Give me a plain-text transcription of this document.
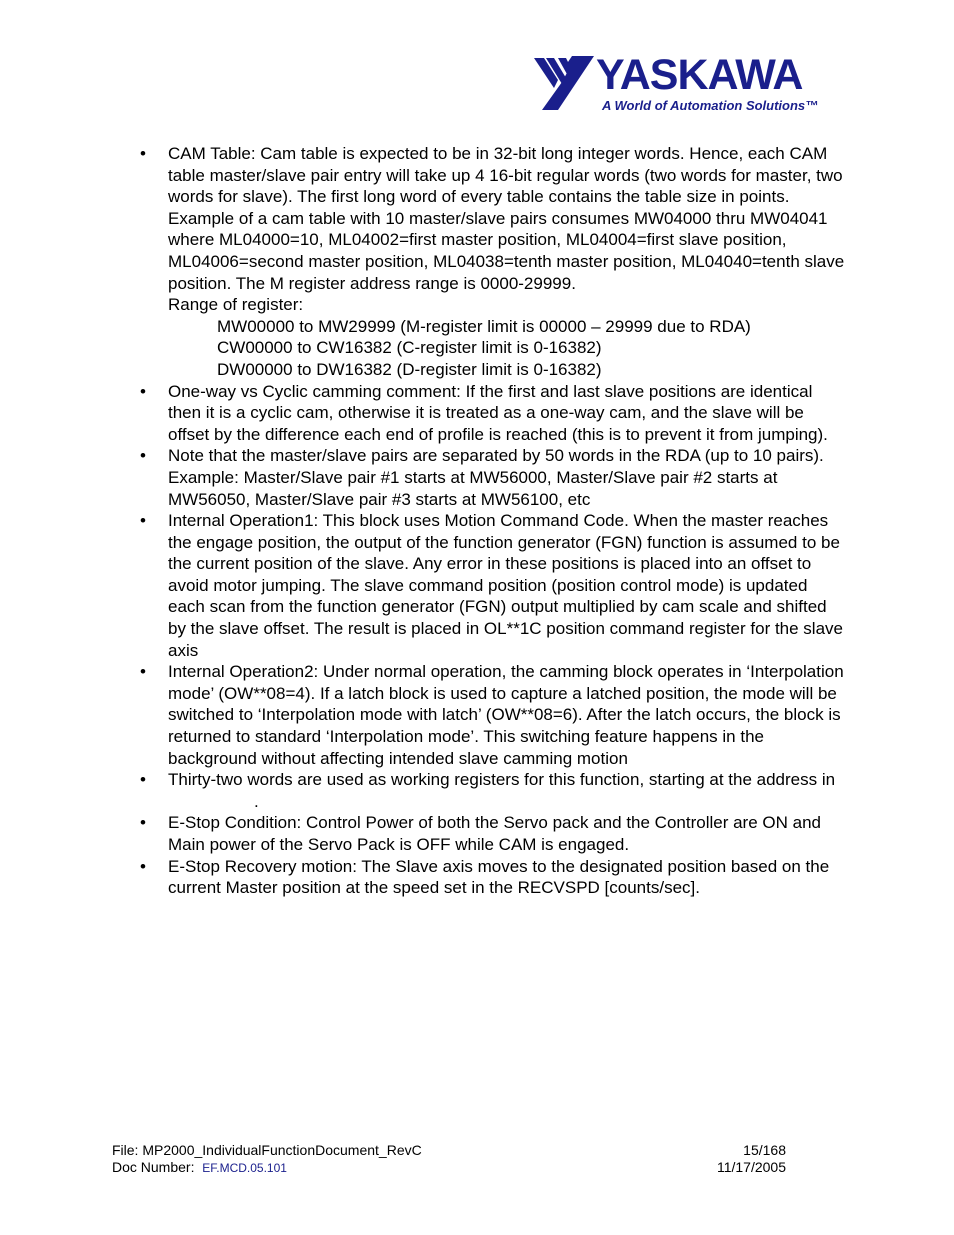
YASKAWA
A World of Automation Solutions™
• CAM Table: Cam table is expected to be in 32-bit long integer words. Hence, each CAM table master/slave pair entry will take up 4 16-bit regular words (two words for master, two words for slave). The first long word of every table contains the table size in points. Example of a cam table with 10 master/slave pairs consumes MW04000 thru MW04041 where ML04000=10, ML04002=first master position, ML04004=first slave position, ML04006=second master position, ML04038=tenth master position, ML04040=tenth slave position. The M register address range is 0000-29999.
Range of register:
MW00000 to MW29999 (M-register limit is 00000 – 29999 due to RDA)
CW00000 to CW16382 (C-register limit is 0-16382)
DW00000 to DW16382 (D-register limit is 0-16382)
• One-way vs Cyclic camming comment: If the first and last slave positions are identical then it is a cyclic cam, otherwise it is treated as a one-way cam, and the slave will be offset by the difference each end of profile is reached (this is to prevent it from jumping).
• Note that the master/slave pairs are separated by 50 words in the RDA (up to 10 pairs). Example: Master/Slave pair #1 starts at MW56000, Master/Slave pair #2 starts at MW56050, Master/Slave pair #3 starts at MW56100, etc
• Internal Operation1: This block uses Motion Command Code. When the master reaches the engage position, the output of the function generator (FGN) function is assumed to be the current position of the slave. Any error in these positions is placed into an offset to avoid motor jumping. The slave command position (position control mode) is updated each scan from the function generator (FGN) output multiplied by cam scale and shifted by the slave offset. The result is placed in OL**1C position command register for the slave axis
• Internal Operation2: Under normal operation, the camming block operates in ‘Interpolation mode’ (OW**08=4). If a latch block is used to capture a latched position, the mode will be switched to ‘Interpolation mode with latch’ (OW**08=6). After the latch occurs, the block is returned to standard ‘Interpolation mode’. This switching feature happens in the background without affecting intended slave camming motion
• Thirty-two words are used as working registers for this function, starting at the address in.
• E-Stop Condition: Control Power of both the Servo pack and the Controller are ON and Main power of the Servo Pack is OFF while CAM is engaged.
• E-Stop Recovery motion: The Slave axis moves to the designated position based on the current Master position at the speed set in the RECVSPD [counts/sec].
File: MP2000_IndividualFunctionDocument_RevC	15/168
Doc Number: EF.MCD.05.101	11/17/2005
